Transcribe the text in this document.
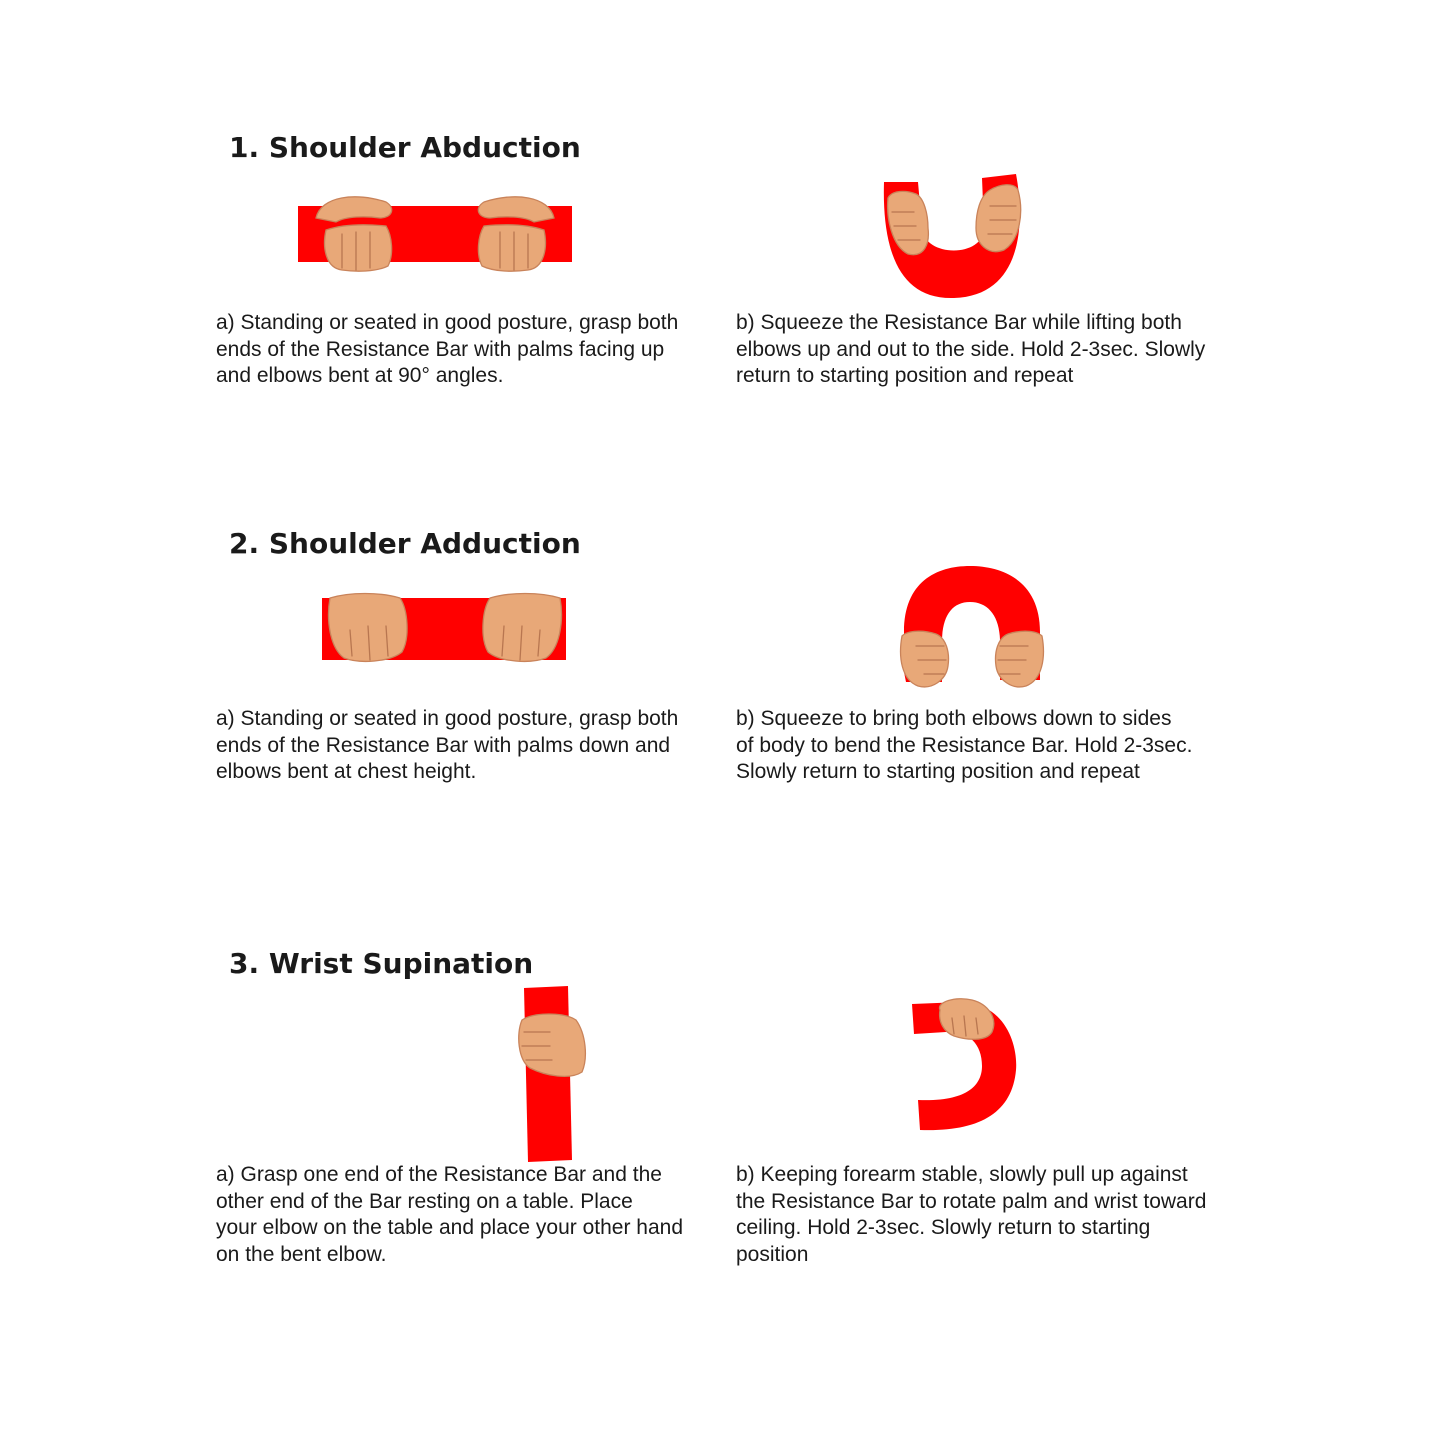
1. Shoulder Abduction

a) Standing or seated in good posture, grasp both
ends of the Resistance Bar with palms facing up
and elbows bent at 90° angles.

b) Squeeze the Resistance Bar while lifting both
elbows up and out to the side. Hold 2-3sec. Slowly
return to starting position and repeat

2. Shoulder Adduction

a) Standing or seated in good posture, grasp both
ends of the Resistance Bar with palms down and
elbows bent at chest height.

b) Squeeze to bring both elbows down to sides
of body to bend the Resistance Bar. Hold 2-3sec.
Slowly return to starting position and repeat

3. Wrist Supination

a) Grasp one end of the Resistance Bar and the
other end of the Bar resting on a table. Place
your elbow on the table and place your other hand
on the bent elbow.

b) Keeping forearm stable, slowly pull up against
the Resistance Bar to rotate palm and wrist toward
ceiling. Hold 2-3sec. Slowly return to starting
position
